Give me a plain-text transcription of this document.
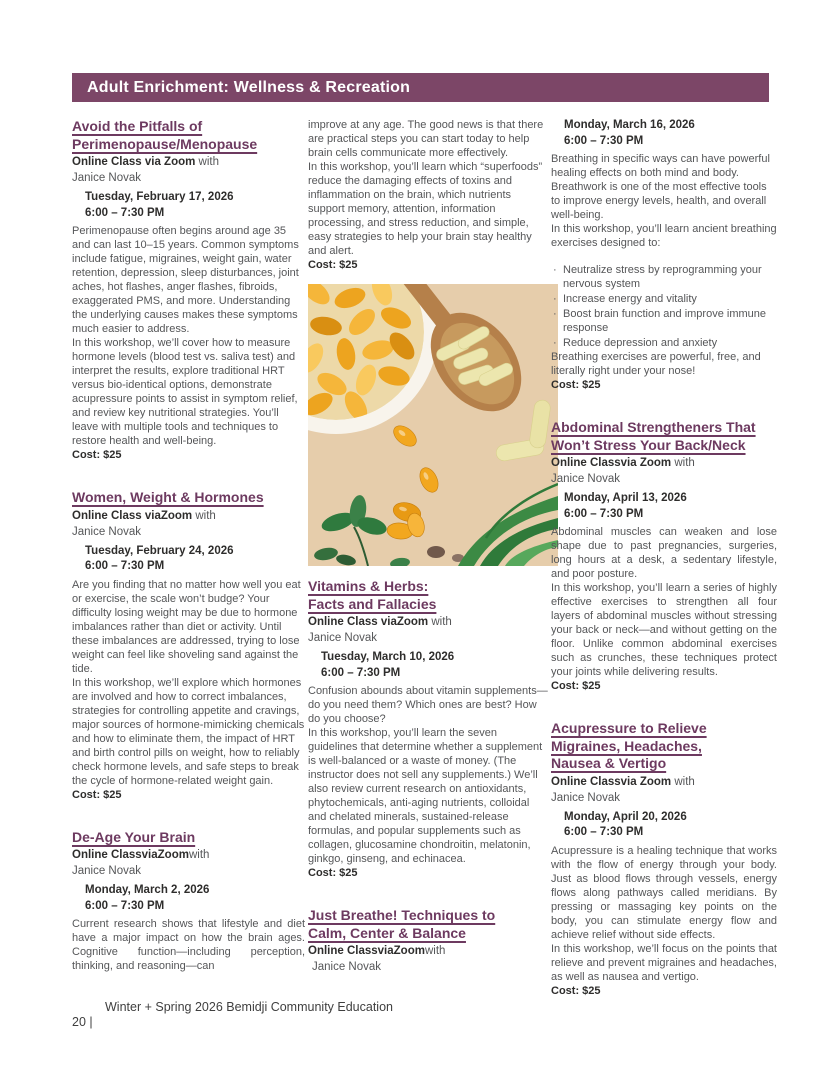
Adult Enrichment: Wellness & Recreation
Avoid the Pitfalls of
Perimenopause/Menopause
Online Class via Zoom with
Janice Novak
Tuesday, February 17, 2026
6:00 – 7:30 PM

Perimenopause often begins around age 35 and can last 10–15 years. Common symptoms include fatigue, migraines, weight gain, water retention, depression, sleep disturbances, joint aches, hot flashes, anger flashes, fibroids, exaggerated PMS, and more. Understanding the underlying causes makes these symptoms much easier to address.

In this workshop, we’ll cover how to measure hormone levels (blood test vs. saliva test) and interpret the results, explore traditional HRT versus bio-identical options, demonstrate acupressure points to assist in symptom relief, and review key nutritional strategies. You’ll leave with multiple tools and techniques to restore health and well-being.

Cost: $25
Women, Weight & Hormones
Online Class viaZoom with
Janice Novak
Tuesday, February 24, 2026
6:00 – 7:30 PM

Are you finding that no matter how well you eat or exercise, the scale won’t budge? Your difficulty losing weight may be due to hormone imbalances rather than diet or activity. Until these imbalances are addressed, trying to lose weight can feel like shoveling sand against the tide.

In this workshop, we’ll explore which hormones are involved and how to correct imbalances, strategies for controlling appetite and cravings, major sources of hormone-mimicking chemicals and how to eliminate them, the impact of HRT and birth control pills on weight, how to reliably check hormone levels, and safe steps to break the cycle of hormone-related weight gain.

Cost: $25
De-Age Your Brain
Online ClassviaZoomwith
Janice Novak
Monday, March 2, 2026
6:00 – 7:30 PM

Current research shows that lifestyle and diet have a major impact on how the brain ages. Cognitive function—including perception, thinking, and reasoning—can

improve at any age. The good news is that there are practical steps you can start today to help brain cells communicate more effectively.

In this workshop, you’ll learn which “superfoods” reduce the damaging effects of toxins and inflammation on the brain, which nutrients support memory, attention, information processing, and stress reduction, and simple, easy strategies to help your brain stay healthy and alert.

Cost: $25
Vitamins & Herbs:
Facts and Fallacies
Online Class viaZoom with
Janice Novak
Tuesday, March 10, 2026
6:00 – 7:30 PM

Confusion abounds about vitamin supplements—do you need them? Which ones are best? How do you choose?

In this workshop, you’ll learn the seven guidelines that determine whether a supplement is well-balanced or a waste of money. (The instructor does not sell any supplements.) We’ll also review current research on antioxidants, phytochemicals, anti-aging nutrients, colloidal and chelated minerals, sustained-release formulas, and popular supplements such as collagen, glucosamine chondroitin, melatonin, ginkgo, ginseng, and echinacea.

Cost: $25
Just Breathe! Techniques to
Calm, Center & Balance
Online ClassviaZoomwith
Janice Novak
Monday, March 16, 2026
6:00 – 7:30 PM

Breathing in specific ways can have powerful healing effects on both mind and body. Breathwork is one of the most effective tools to improve energy levels, health, and overall well-being.

In this workshop, you’ll learn ancient breathing exercises designed to:

· Neutralize stress by reprogramming your nervous system
· Increase energy and vitality
· Boost brain function and improve immune response
· Reduce depression and anxiety

Breathing exercises are powerful, free, and literally right under your nose!

Cost: $25
Abdominal Strengtheners That
Won’t Stress Your Back/Neck
Online Classvia Zoom with
Janice Novak
Monday, April 13, 2026
6:00 – 7:30 PM

Abdominal muscles can weaken and lose shape due to past pregnancies, surgeries, long hours at a desk, a sedentary lifestyle, and poor posture.

In this workshop, you’ll learn a series of highly effective exercises to strengthen all four layers of abdominal muscles without stressing your back or neck—and without getting on the floor. Unlike common abdominal exercises such as crunches, these techniques protect your joints while delivering results.

Cost: $25
Acupressure to Relieve
Migraines, Headaches,
Nausea & Vertigo
Online Classvia Zoom with
Janice Novak
Monday, April 20, 2026
6:00 – 7:30 PM

Acupressure is a healing technique that works with the flow of energy through your body. Just as blood flows through vessels, energy flows along pathways called meridians. By pressing or massaging key points on the body, you can stimulate energy flow and achieve relief without side effects.

In this workshop, we’ll focus on the points that relieve and prevent migraines and headaches, as well as nausea and vertigo.

Cost: $25
Winter + Spring 2026 Bemidji Community Education
20 |
